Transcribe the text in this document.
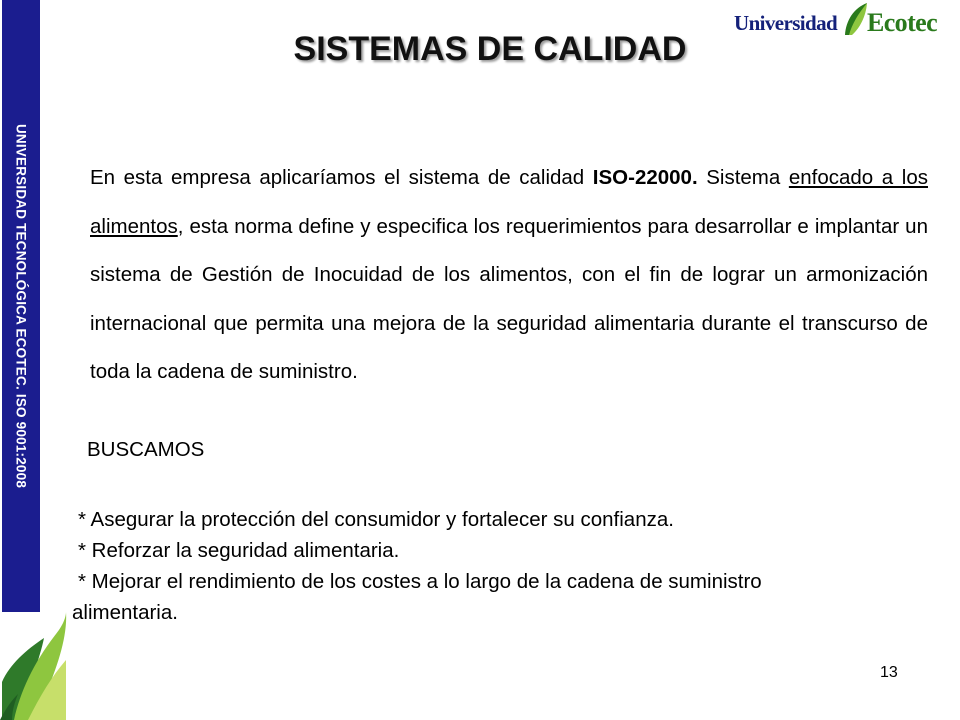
UNIVERSIDAD TECNOLÓGICA ECOTEC. ISO 9001:2008
Universidad Ecotec
SISTEMAS DE CALIDAD
En esta empresa aplicaríamos el sistema de calidad ISO-22000. Sistema enfocado a los alimentos, esta norma define y especifica los requerimientos para desarrollar e implantar un sistema de Gestión de Inocuidad de los alimentos, con el fin de lograr un armonización internacional que permita una mejora de la seguridad alimentaria durante el transcurso de toda la cadena de suministro.
BUSCAMOS
* Asegurar la protección del consumidor y fortalecer su confianza.
* Reforzar la seguridad alimentaria.
* Mejorar el rendimiento de los costes a lo largo de la cadena de suministro alimentaria.
13
